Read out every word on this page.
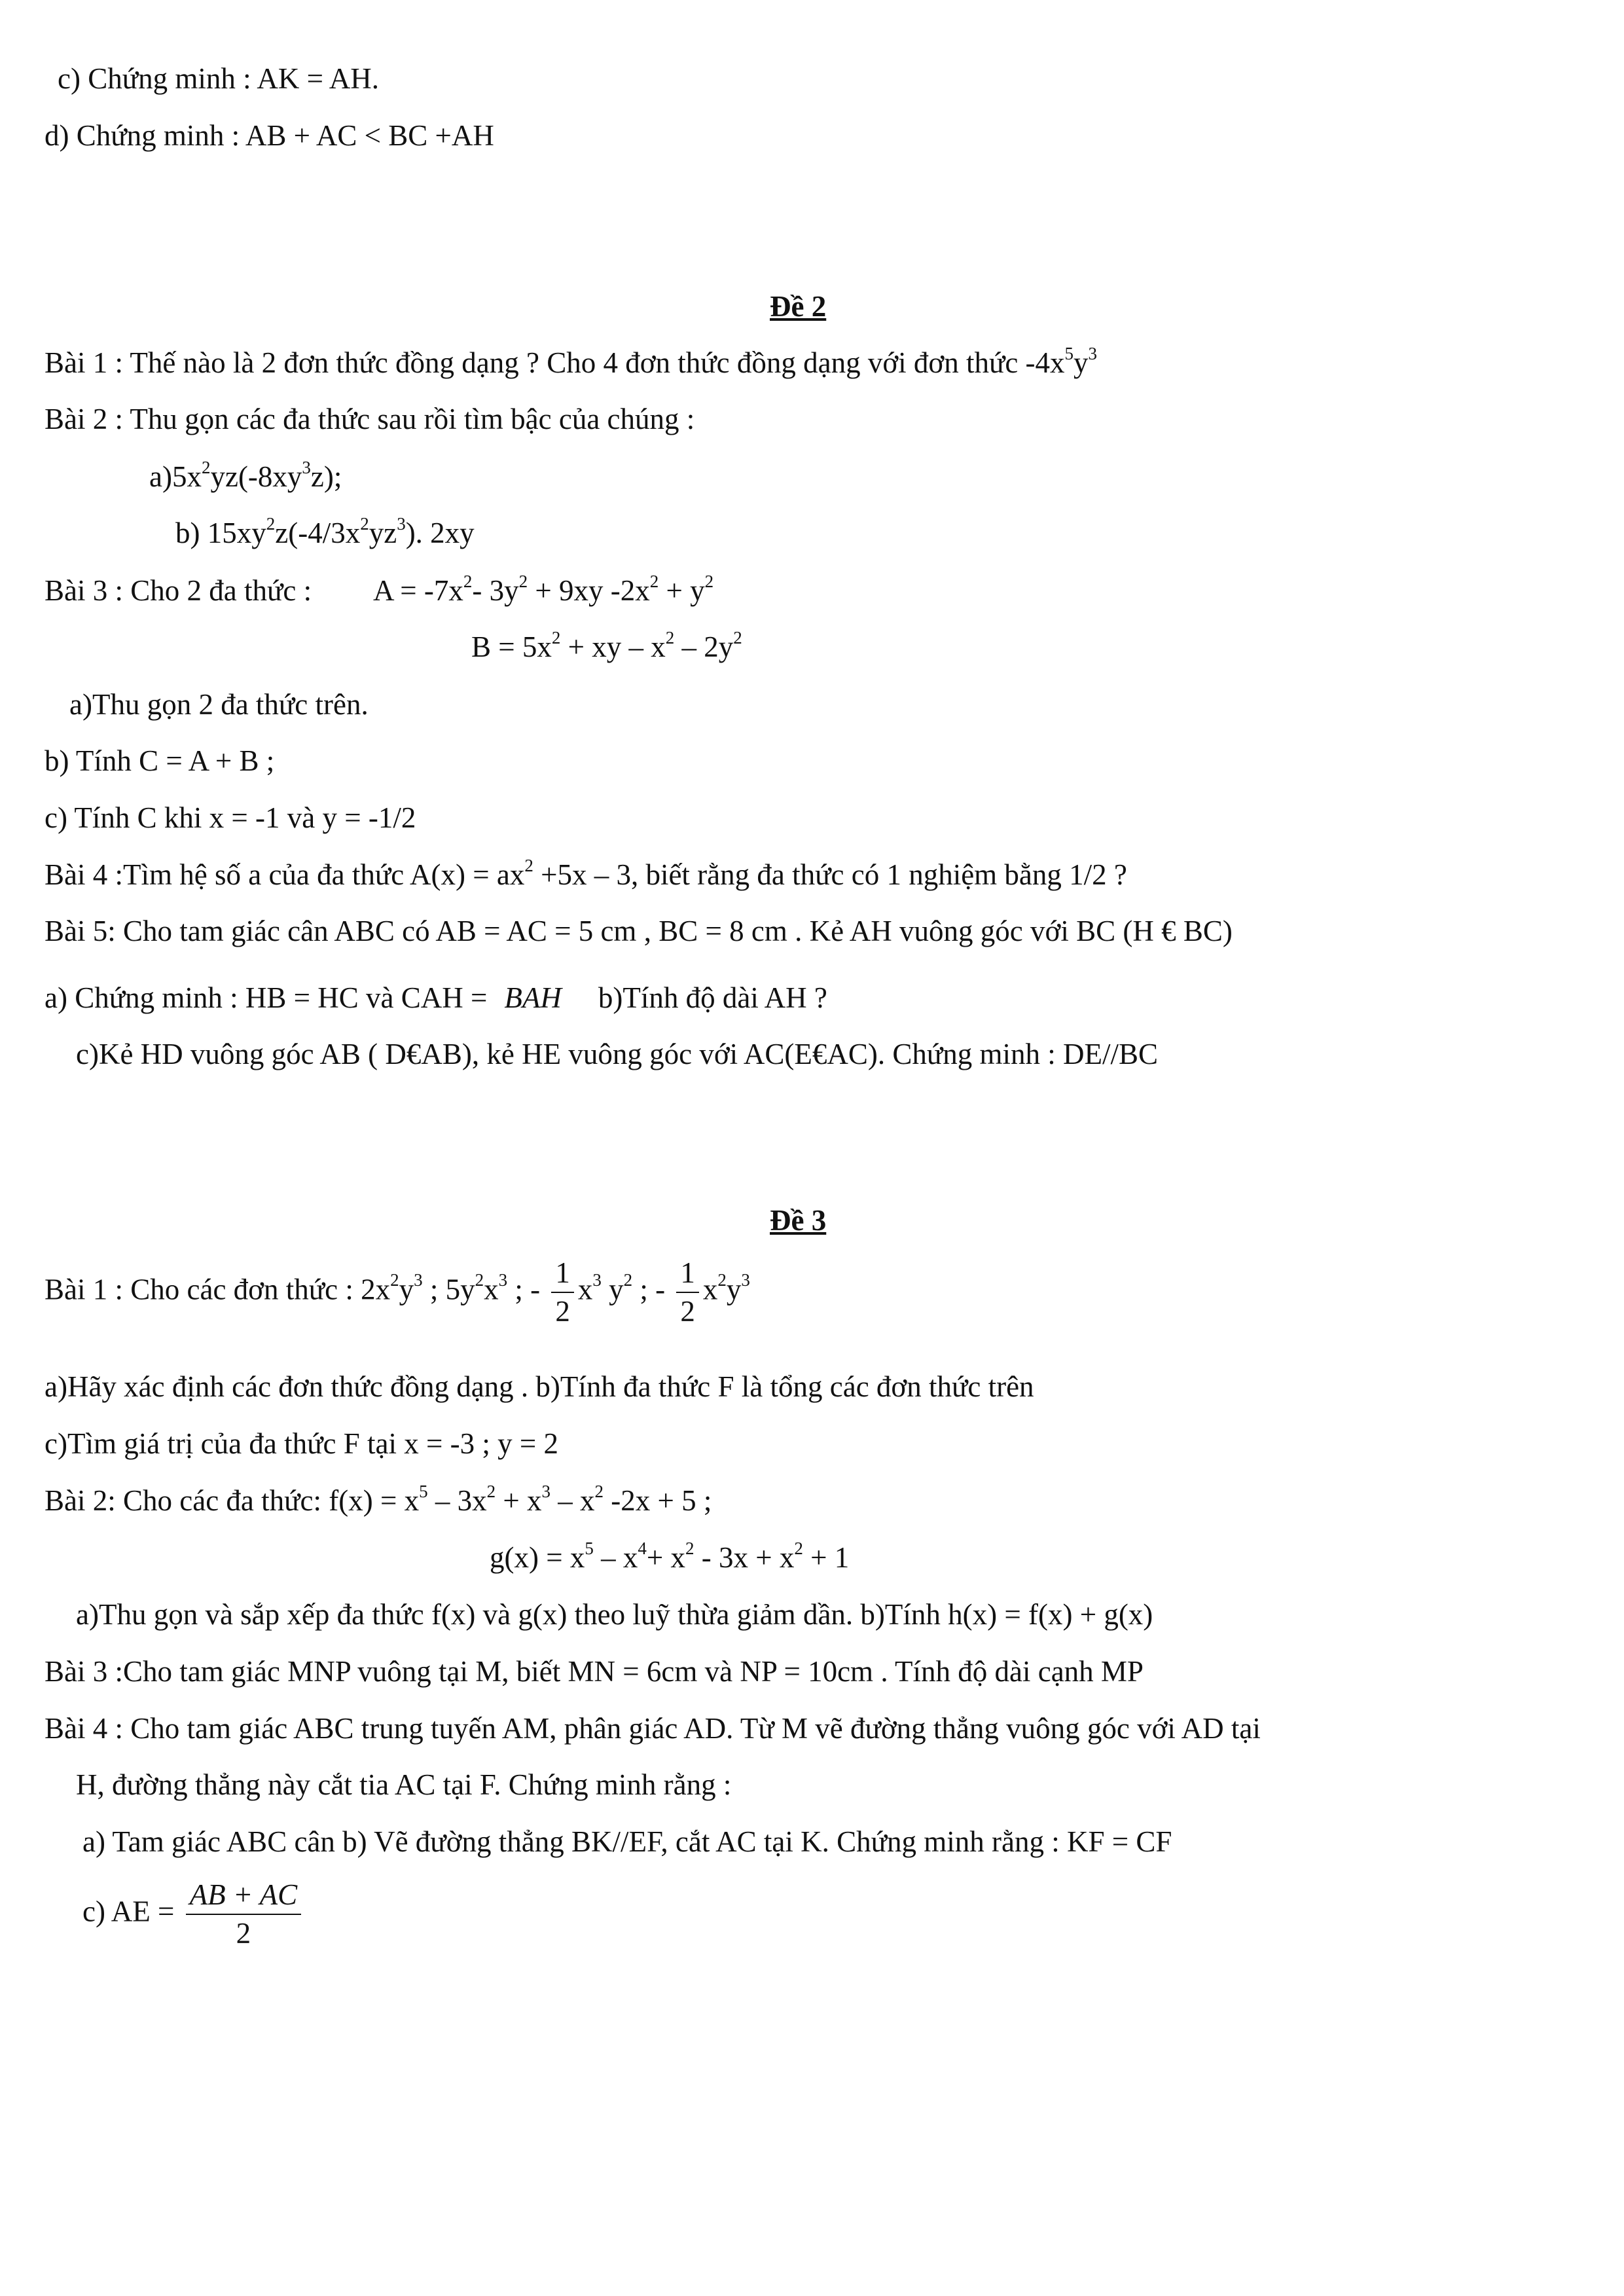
c) Chứng minh : AK = AH.
d) Chứng minh : AB + AC < BC +AH
Đề 2
Bài 1 : Thế nào là 2 đơn thức đồng dạng ? Cho 4 đơn thức đồng dạng với đơn thức $-4x^5y^3$
Bài 2 : Thu gọn các đa thức sau rồi tìm bậc của chúng :
$a)5x^2yz(-8xy^3z)$;
b) $15xy^2z(-4/3x^2yz^3)$. 2xy
Bài 3 : Cho 2 đa thức : $A = -7x^2-$ $3y^2 + 9xy$ $-2x^2 + y^2$
$B = 5x^2$ + xy – $x^2 - 2y^2$
a)Thu gọn 2 đa thức trên.
b) Tính C = A + B ;
c) Tính C khi x = -1 và y = -1/2
Bài 4 :Tìm hệ số a của đa thức $A(x) = ax^2 +5x - 3$, biết rằng đa thức có 1 nghiệm bằng 1/2 ?
Bài 5: Cho tam giác cân ABC có AB = AC = 5 cm , BC = 8 cm . Kẻ AH vuông góc với BC (H € BC)
a) Chứng minh : HB = HC và CAH = BAH b)Tính độ dài AH ?
c)Kẻ HD vuông góc AB ( D€AB), kẻ HE vuông góc với AC(E€AC). Chứng minh : DE//BC
Đề 3
Bài 1 : Cho các đơn thức : $2x^2y^3$ ; $5y^2x^3$ ; - $\frac{1}{2} x^3$ $y^2$ ; - $\frac{1}{2} x^2y^3$
a)Hãy xác định các đơn thức đồng dạng . b)Tính đa thức F là tổng các đơn thức trên
c)Tìm giá trị của đa thức F tại x = -3 ; y = 2
Bài 2: Cho các đa thức: $f(x) = x^5 - 3x^2 + x^3 - x^2$ -2x + 5 ;
$g(x) = x^5 - x^4+ x^2 - 3x + x^2 + 1$
a)Thu gọn và sắp xếp đa thức f(x) và g(x) theo luỹ thừa giảm dần. b)Tính h(x) = f(x) + g(x)
Bài 3 :Cho tam giác MNP vuông tại M, biết MN = 6cm và NP = 10cm . Tính độ dài cạnh MP
Bài 4 : Cho tam giác ABC trung tuyến AM, phân giác AD. Từ M vẽ đường thẳng vuông góc với AD tại
H, đường thẳng này cắt tia AC tại F. Chứng minh rằng :
a) Tam giác ABC cân b) Vẽ đường thẳng BK//EF, cắt AC tại K. Chứng minh rằng : KF = CF
c) AE = $\frac{AB + AC}{2}$
